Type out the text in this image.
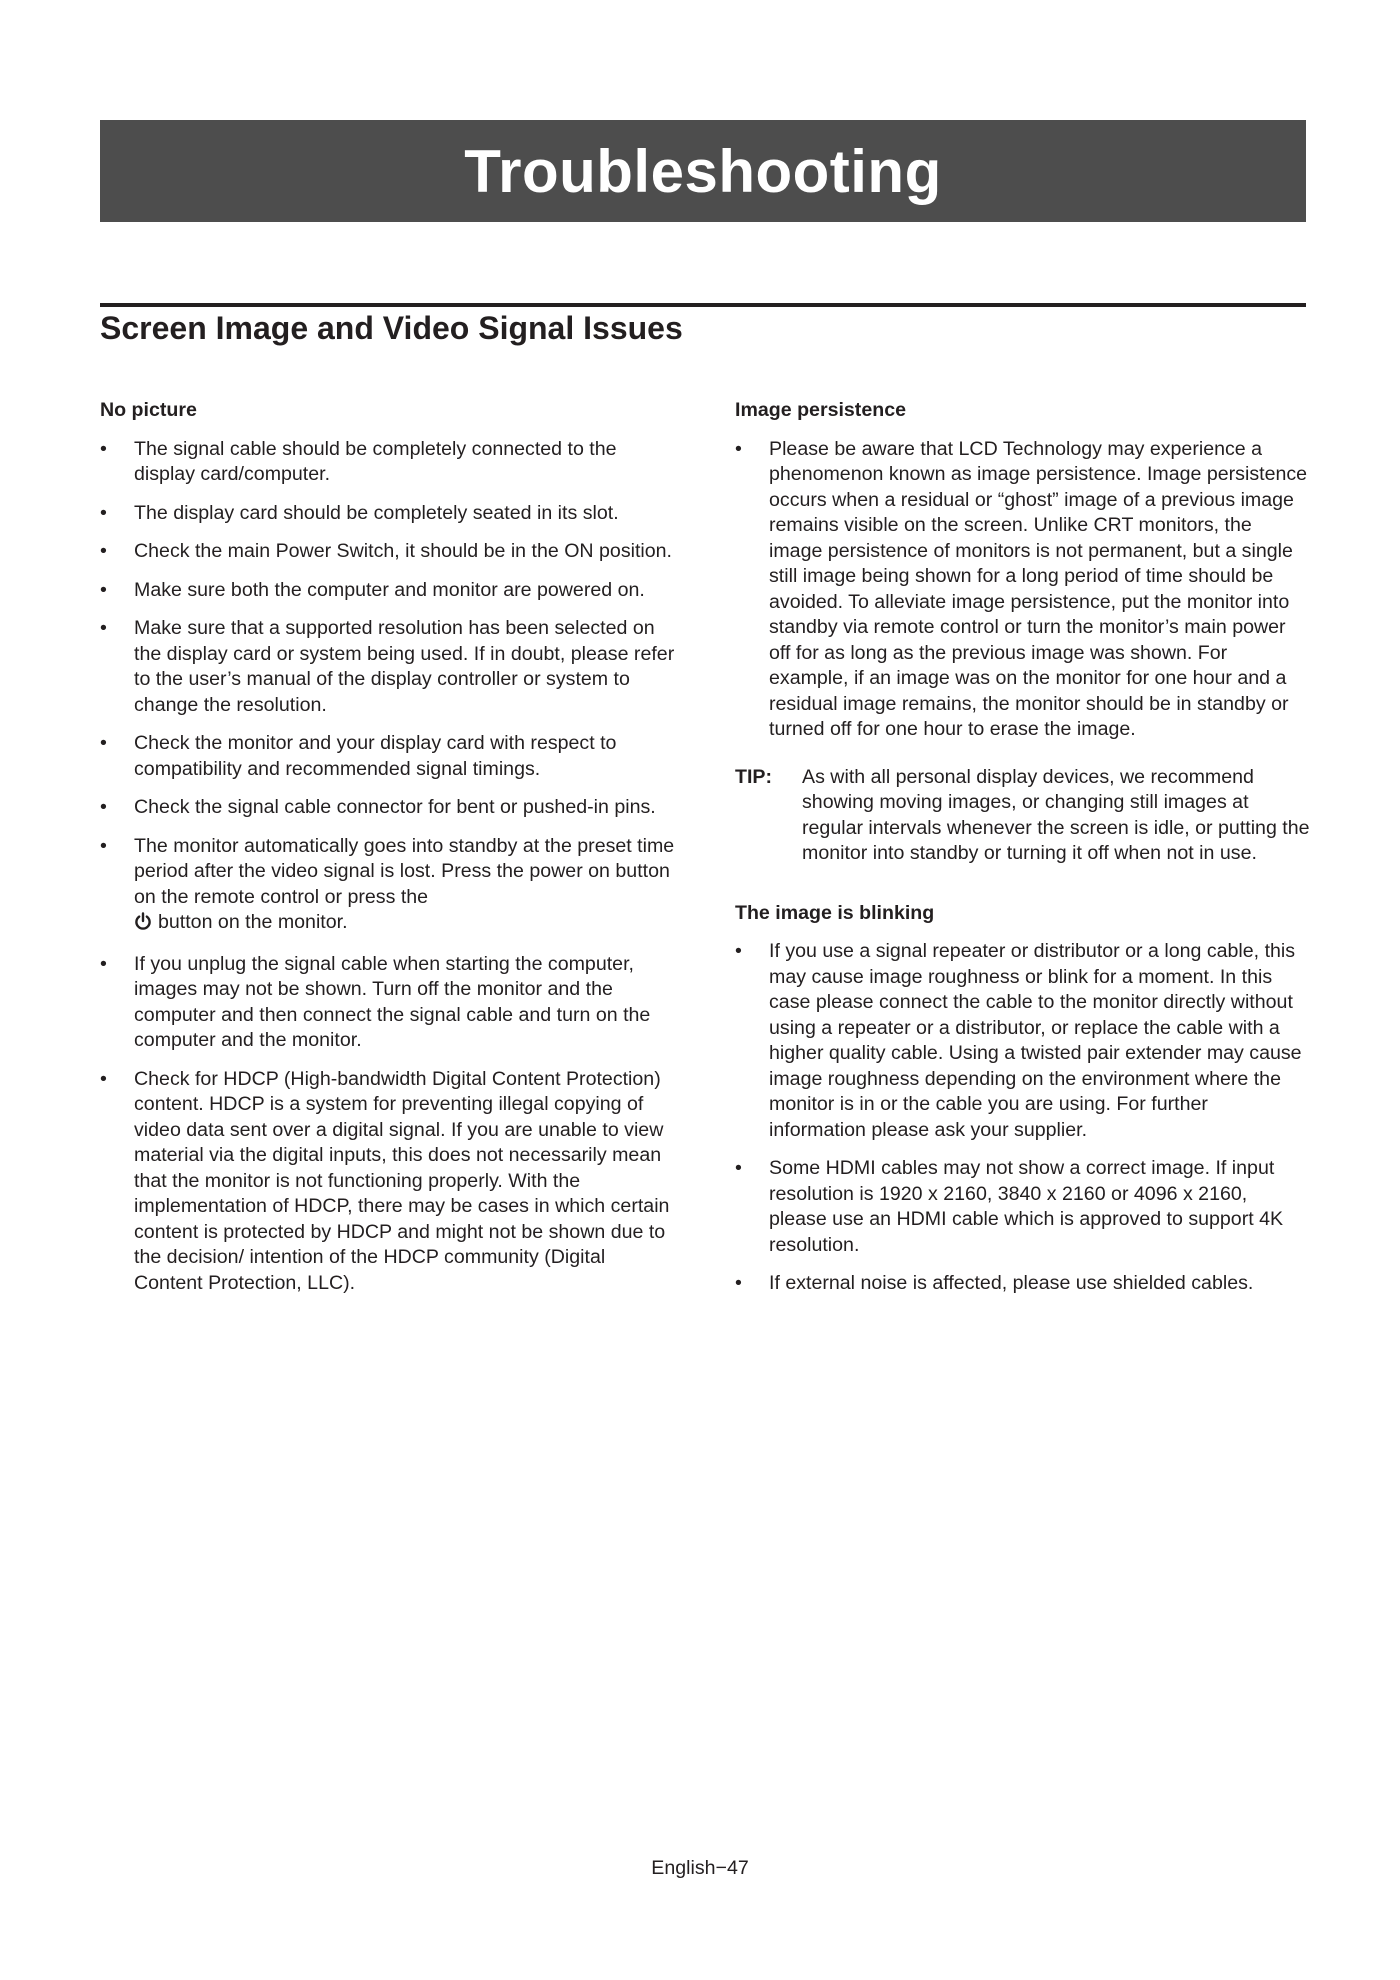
Troubleshooting
Screen Image and Video Signal Issues
No picture
• The signal cable should be completely connected to the display card/computer.
• The display card should be completely seated in its slot.
• Check the main Power Switch, it should be in the ON position.
• Make sure both the computer and monitor are powered on.
• Make sure that a supported resolution has been selected on the display card or system being used. If in doubt, please refer to the user’s manual of the display controller or system to change the resolution.
• Check the monitor and your display card with respect to compatibility and recommended signal timings.
• Check the signal cable connector for bent or pushed-in pins.
• The monitor automatically goes into standby at the preset time period after the video signal is lost. Press the power on button on the remote control or press the
button on the monitor.
• If you unplug the signal cable when starting the computer, images may not be shown. Turn off the monitor and the computer and then connect the signal cable and turn on the computer and the monitor.
• Check for HDCP (High-bandwidth Digital Content Protection) content. HDCP is a system for preventing illegal copying of video data sent over a digital signal. If you are unable to view material via the digital inputs, this does not necessarily mean that the monitor is not functioning properly. With the implementation of HDCP, there may be cases in which certain content is protected by HDCP and might not be shown due to the decision/ intention of the HDCP community (Digital Content Protection, LLC).
Image persistence
• Please be aware that LCD Technology may experience a phenomenon known as image persistence. Image persistence occurs when a residual or “ghost” image of a previous image remains visible on the screen. Unlike CRT monitors, the image persistence of monitors is not permanent, but a single still image being shown for a long period of time should be avoided. To alleviate image persistence, put the monitor into standby via remote control or turn the monitor’s main power off for as long as the previous image was shown. For example, if an image was on the monitor for one hour and a residual image remains, the monitor should be in standby or turned off for one hour to erase the image.
TIP:	As with all personal display devices, we recommend showing moving images, or changing still images at regular intervals whenever the screen is idle, or putting the monitor into standby or turning it off when not in use.
The image is blinking
• If you use a signal repeater or distributor or a long cable, this may cause image roughness or blink for a moment. In this case please connect the cable to the monitor directly without using a repeater or a distributor, or replace the cable with a higher quality cable. Using a twisted pair extender may cause image roughness depending on the environment where the monitor is in or the cable you are using. For further information please ask your supplier.
• Some HDMI cables may not show a correct image. If input resolution is 1920 x 2160, 3840 x 2160 or 4096 x 2160, please use an HDMI cable which is approved to support 4K resolution.
• If external noise is affected, please use shielded cables.
English−47
